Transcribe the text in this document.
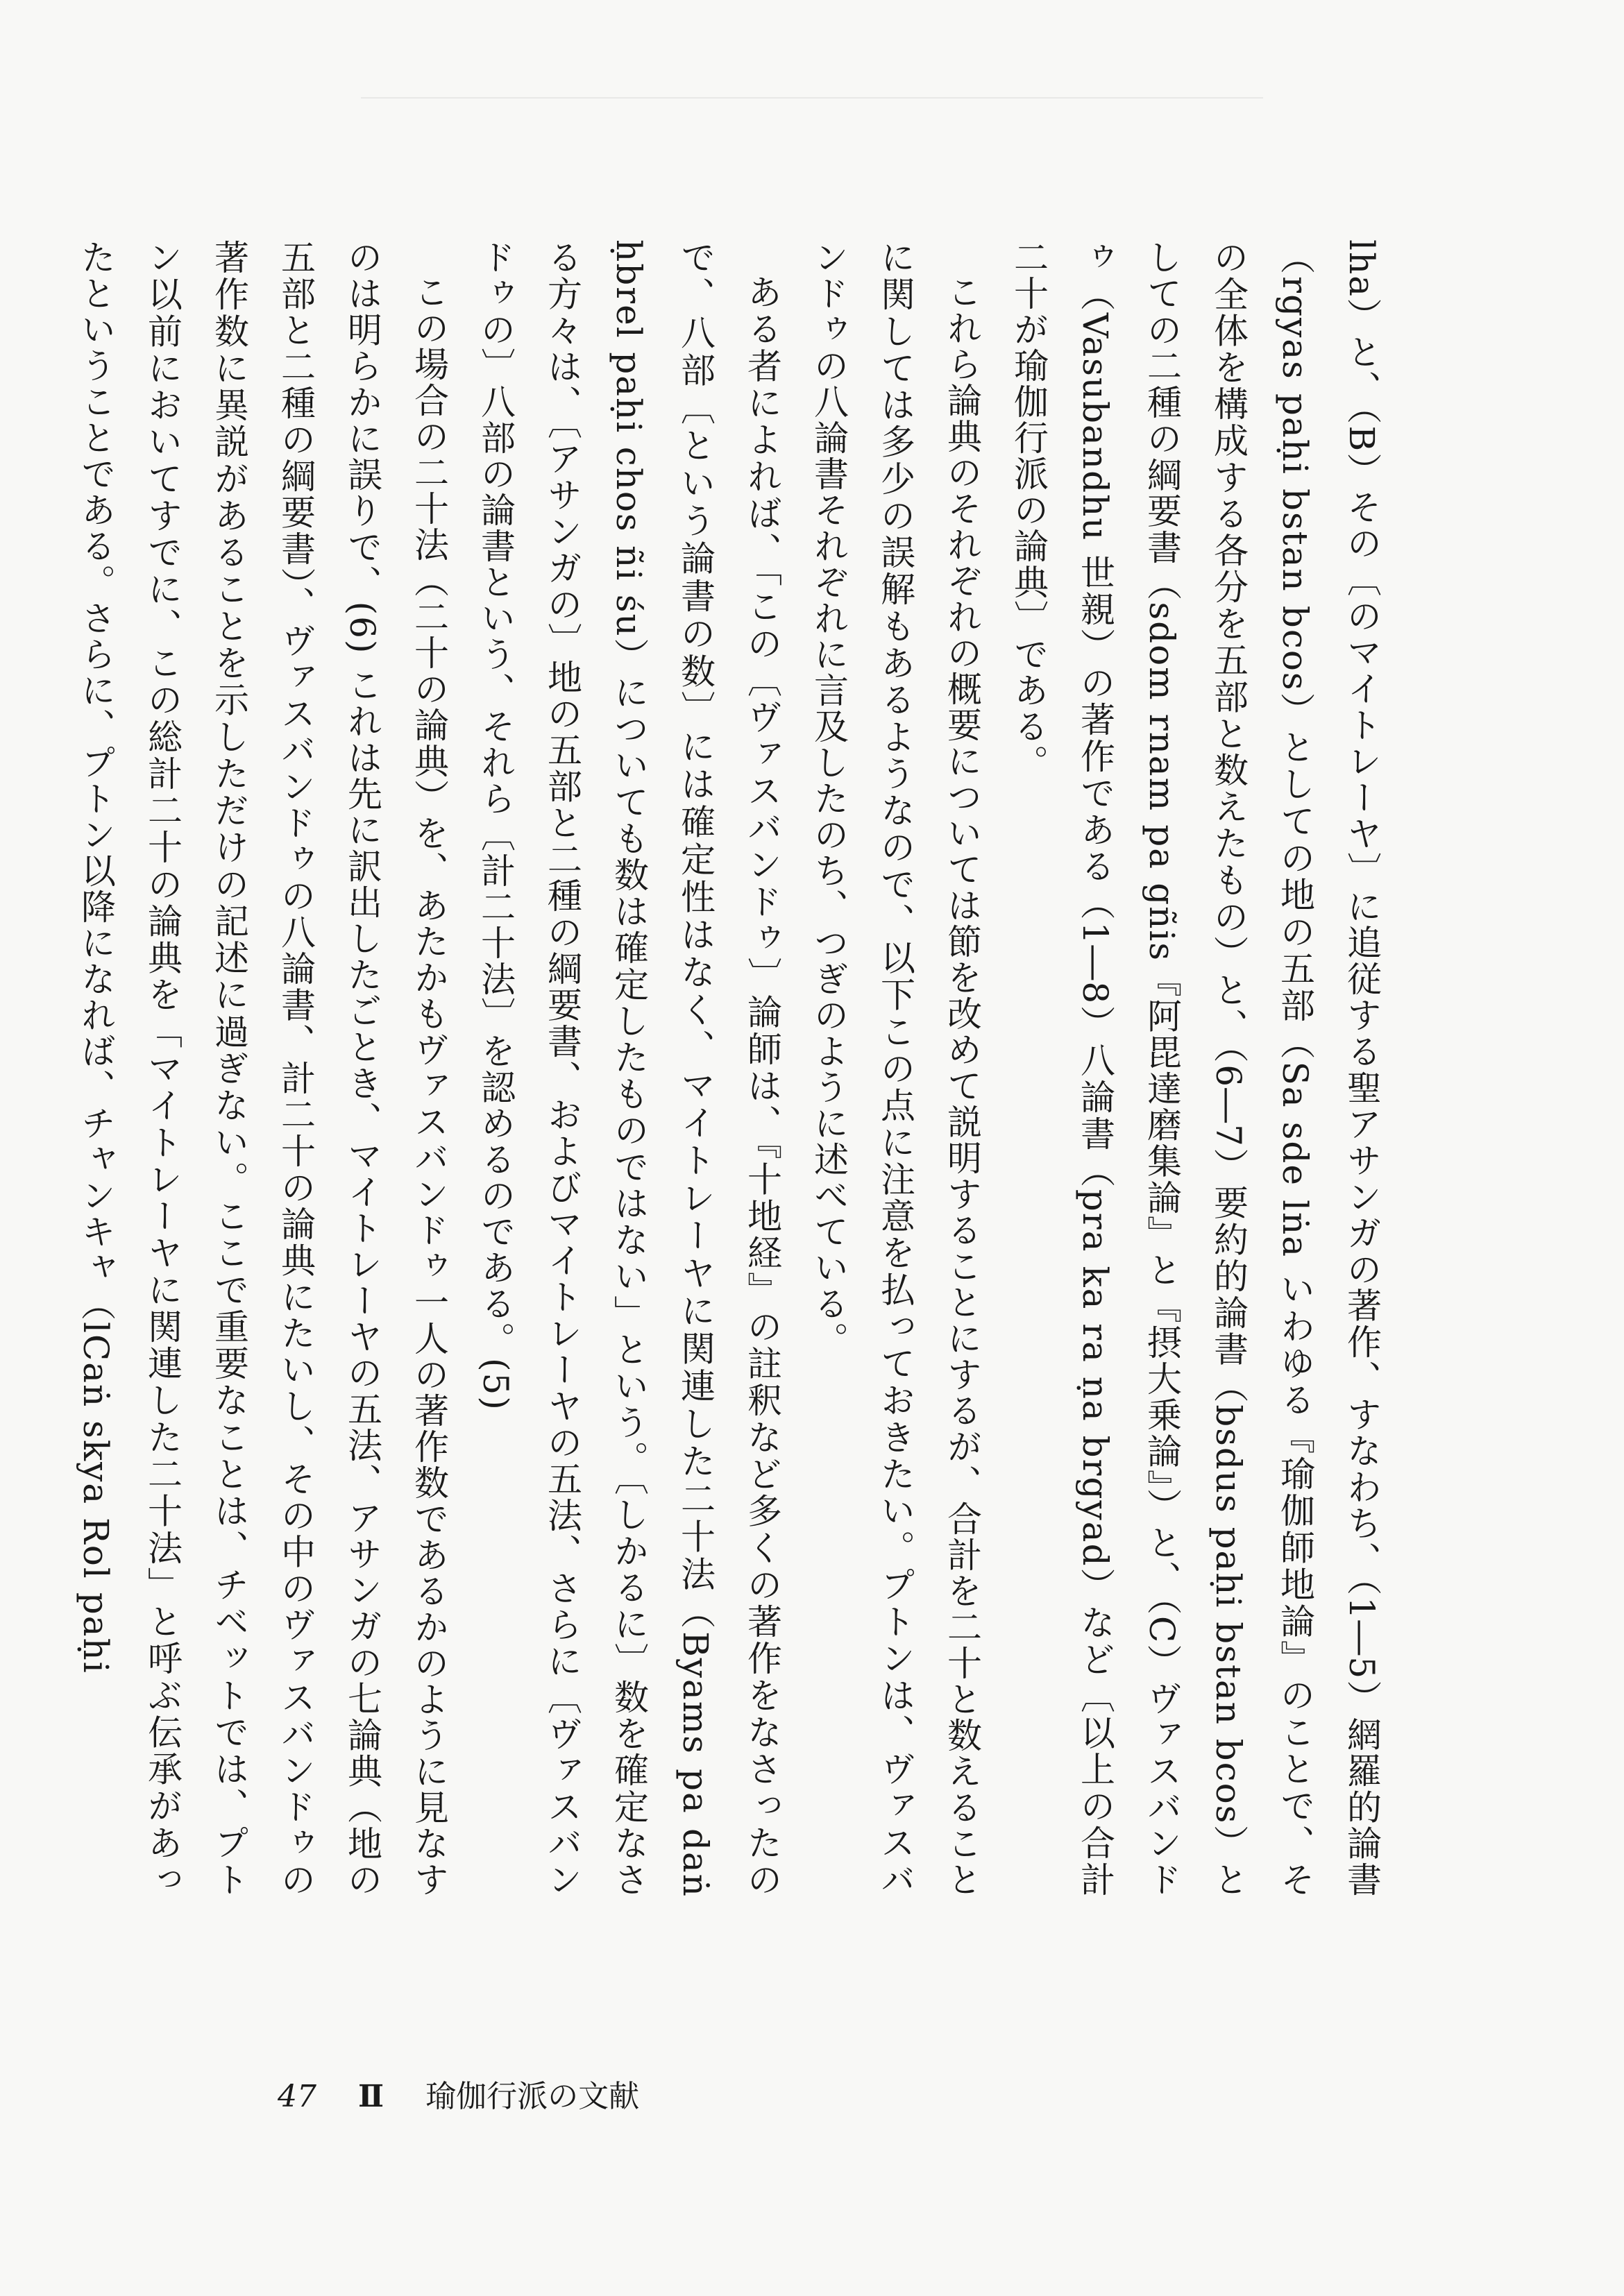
lha）と、（B）その〔のマイトレーヤ〕に追従する聖アサンガの著作、すなわち、（1―5）網羅的論書（rgyas paḥi bstan bcos）としての地の五部（Sa sde lṅa いわゆる『瑜伽師地論』のことで、その全体を構成する各分を五部と数えたもの）と、（6―7）要約的論書（bsdus paḥi bstan bcos）としての二種の綱要書（sdom rnam pa gñis『阿毘達磨集論』と『摂大乗論』）と、（C）ヴァスバンドゥ（Vasubandhu 世親）の著作である（1―8）八論書（pra ka ra ṇa brgyad）など〔以上の合計二十が瑜伽行派の論典〕である。

これら論典のそれぞれの概要については節を改めて説明することにするが、合計を二十と数えることに関しては多少の誤解もあるようなので、以下この点に注意を払っておきたい。プトンは、ヴァスバンドゥの八論書それぞれに言及したのち、つぎのように述べている。

ある者によれば、「この〔ヴァスバンドゥ〕論師は、『十地経』の註釈など多くの著作をなさったので、八部〔という論書の数〕には確定性はなく、マイトレーヤに関連した二十法（Byams pa daṅ ḥbrel paḥi chos ñi śu）についても数は確定したものではない」という。〔しかるに〕数を確定なさる方々は、〔アサンガの〕地の五部と二種の綱要書、およびマイトレーヤの五法、さらに〔ヴァスバンドゥの〕八部の論書という、それら〔計二十法〕を認めるのである。(5)

この場合の二十法（二十の論典）を、あたかもヴァスバンドゥ一人の著作数であるかのように見なすのは明らかに誤りで、(6) これは先に訳出したごとき、マイトレーヤの五法、アサンガの七論典（地の五部と二種の綱要書）、ヴァスバンドゥの八論書、計二十の論典にたいし、その中のヴァスバンドゥの著作数に異説があることを示しただけの記述に過ぎない。ここで重要なことは、チベットでは、プトン以前においてすでに、この総計二十の論典を「マイトレーヤに関連した二十法」と呼ぶ伝承があったということである。さらに、プトン以降になれば、チャンキャ（lCaṅ skya Rol paḥi

47 Ⅱ 瑜伽行派の文献
